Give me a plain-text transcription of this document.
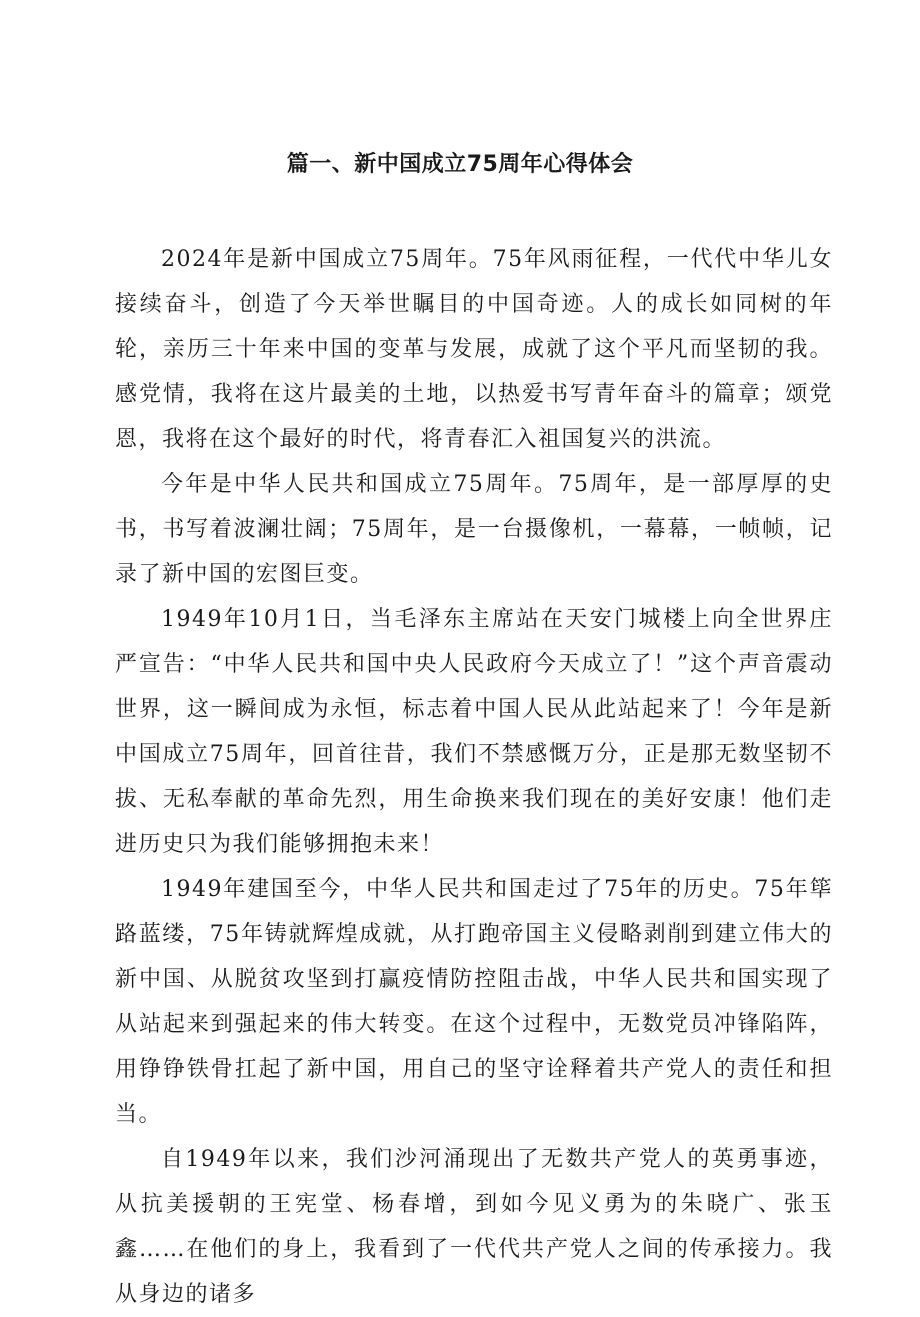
篇一、新中国成立75周年心得体会

2024年是新中国成立75周年。75年风雨征程，一代代中华儿女接续奋斗，创造了今天举世瞩目的中国奇迹。人的成长如同树的年轮，亲历三十年来中国的变革与发展，成就了这个平凡而坚韧的我。感党情，我将在这片最美的土地，以热爱书写青年奋斗的篇章；颂党恩，我将在这个最好的时代，将青春汇入祖国复兴的洪流。

今年是中华人民共和国成立75周年。75周年，是一部厚厚的史书，书写着波澜壮阔；75周年，是一台摄像机，一幕幕，一帧帧，记录了新中国的宏图巨变。

1949年10月1日，当毛泽东主席站在天安门城楼上向全世界庄严宣告：“中华人民共和国中央人民政府今天成立了！”这个声音震动世界，这一瞬间成为永恒，标志着中国人民从此站起来了！今年是新中国成立75周年，回首往昔，我们不禁感慨万分，正是那无数坚韧不拔、无私奉献的革命先烈，用生命换来我们现在的美好安康！他们走进历史只为我们能够拥抱未来！

1949年建国至今，中华人民共和国走过了75年的历史。75年筚路蓝缕，75年铸就辉煌成就，从打跑帝国主义侵略剥削到建立伟大的新中国、从脱贫攻坚到打赢疫情防控阻击战，中华人民共和国实现了从站起来到强起来的伟大转变。在这个过程中，无数党员冲锋陷阵，用铮铮铁骨扛起了新中国，用自己的坚守诠释着共产党人的责任和担当。

自1949年以来，我们沙河涌现出了无数共产党人的英勇事迹，从抗美援朝的王宪堂、杨春增，到如今见义勇为的朱晓广、张玉鑫……在他们的身上，我看到了一代代共产党人之间的传承接力。我从身边的诸多
